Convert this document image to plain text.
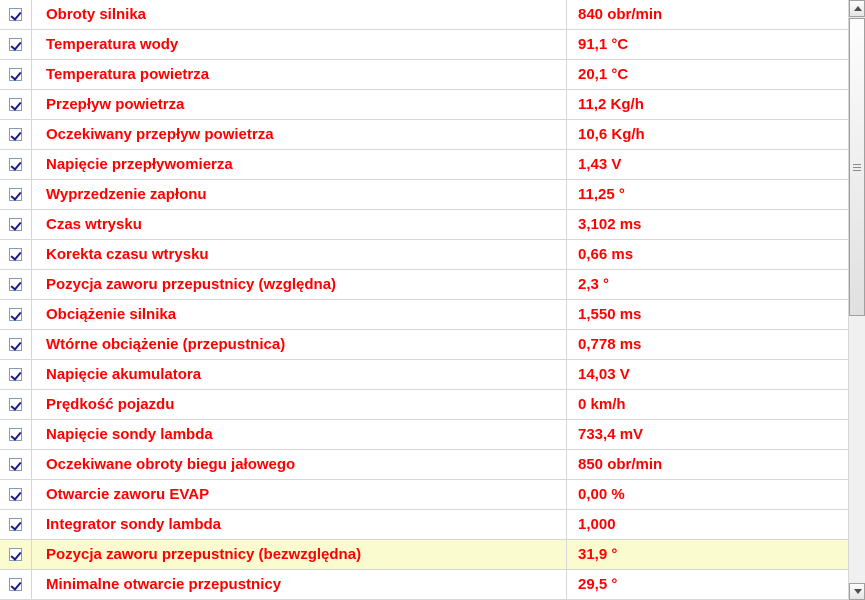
Obroty silnika	840 obr/min
Temperatura wody	91,1 °C
Temperatura powietrza	20,1 °C
Przepływ powietrza	11,2 Kg/h
Oczekiwany przepływ powietrza	10,6 Kg/h
Napięcie przepływomierza	1,43 V
Wyprzedzenie zapłonu	11,25 °
Czas wtrysku	3,102 ms
Korekta czasu wtrysku	0,66 ms
Pozycja zaworu przepustnicy (względna)	2,3 °
Obciążenie silnika	1,550 ms
Wtórne obciążenie (przepustnica)	0,778 ms
Napięcie akumulatora	14,03 V
Prędkość pojazdu	0 km/h
Napięcie sondy lambda	733,4 mV
Oczekiwane obroty biegu jałowego	850 obr/min
Otwarcie zaworu EVAP	0,00 %
Integrator sondy lambda	1,000
Pozycja zaworu przepustnicy (bezwzględna)	31,9 °
Minimalne otwarcie przepustnicy	29,5 °
